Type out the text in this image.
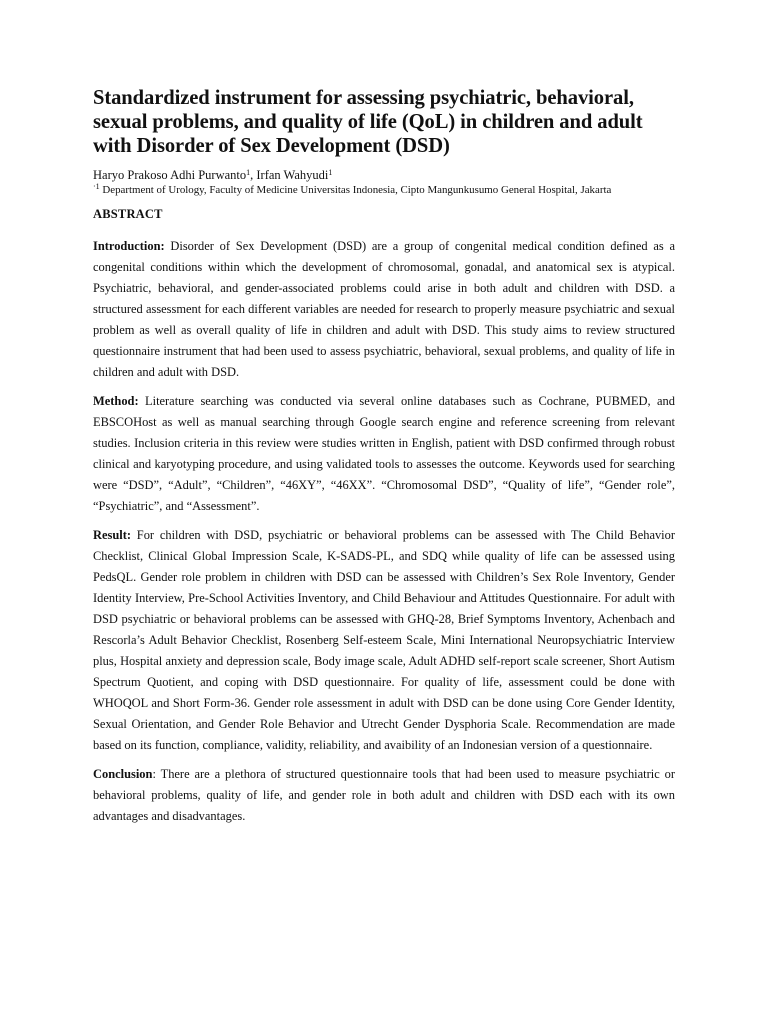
Standardized instrument for assessing psychiatric, behavioral, sexual problems, and quality of life (QoL) in children and adult with Disorder of Sex Development (DSD)

Haryo Prakoso Adhi Purwanto$^1$, Irfan Wahyudi$^1$

$^{\cdot 1}$ Department of Urology, Faculty of Medicine Universitas Indonesia, Cipto Mangunkusumo General Hospital, Jakarta

ABSTRACT

Introduction: Disorder of Sex Development (DSD) are a group of congenital medical condition defined as a congenital conditions within which the development of chromosomal, gonadal, and anatomical sex is atypical. Psychiatric, behavioral, and gender-associated problems could arise in both adult and children with DSD. a structured assessment for each different variables are needed for research to properly measure psychiatric and sexual problem as well as overall quality of life in children and adult with DSD. This study aims to review structured questionnaire instrument that had been used to assess psychiatric, behavioral, sexual problems, and quality of life in children and adult with DSD.

Method: Literature searching was conducted via several online databases such as Cochrane, PUBMED, and EBSCOHost as well as manual searching through Google search engine and reference screening from relevant studies. Inclusion criteria in this review were studies written in English, patient with DSD confirmed through robust clinical and karyotyping procedure, and using validated tools to assesses the outcome. Keywords used for searching were “DSD”, “Adult”, “Children”, “46XY”, “46XX”. “Chromosomal DSD”, “Quality of life”, “Gender role”, “Psychiatric”, and “Assessment”.

Result: For children with DSD, psychiatric or behavioral problems can be assessed with The Child Behavior Checklist, Clinical Global Impression Scale, K-SADS-PL, and SDQ while quality of life can be assessed using PedsQL. Gender role problem in children with DSD can be assessed with Children’s Sex Role Inventory, Gender Identity Interview, Pre-School Activities Inventory, and Child Behaviour and Attitudes Questionnaire. For adult with DSD psychiatric or behavioral problems can be assessed with GHQ-28, Brief Symptoms Inventory, Achenbach and Rescorla’s Adult Behavior Checklist, Rosenberg Self-esteem Scale, Mini International Neuropsychiatric Interview plus, Hospital anxiety and depression scale, Body image scale, Adult ADHD self-report scale screener, Short Autism Spectrum Quotient, and coping with DSD questionnaire. For quality of life, assessment could be done with WHOQOL and Short Form-36. Gender role assessment in adult with DSD can be done using Core Gender Identity, Sexual Orientation, and Gender Role Behavior and Utrecht Gender Dysphoria Scale. Recommendation are made based on its function, compliance, validity, reliability, and avaibility of an Indonesian version of a questionnaire.

Conclusion: There are a plethora of structured questionnaire tools that had been used to measure psychiatric or behavioral problems, quality of life, and gender role in both adult and children with DSD each with its own advantages and disadvantages.
